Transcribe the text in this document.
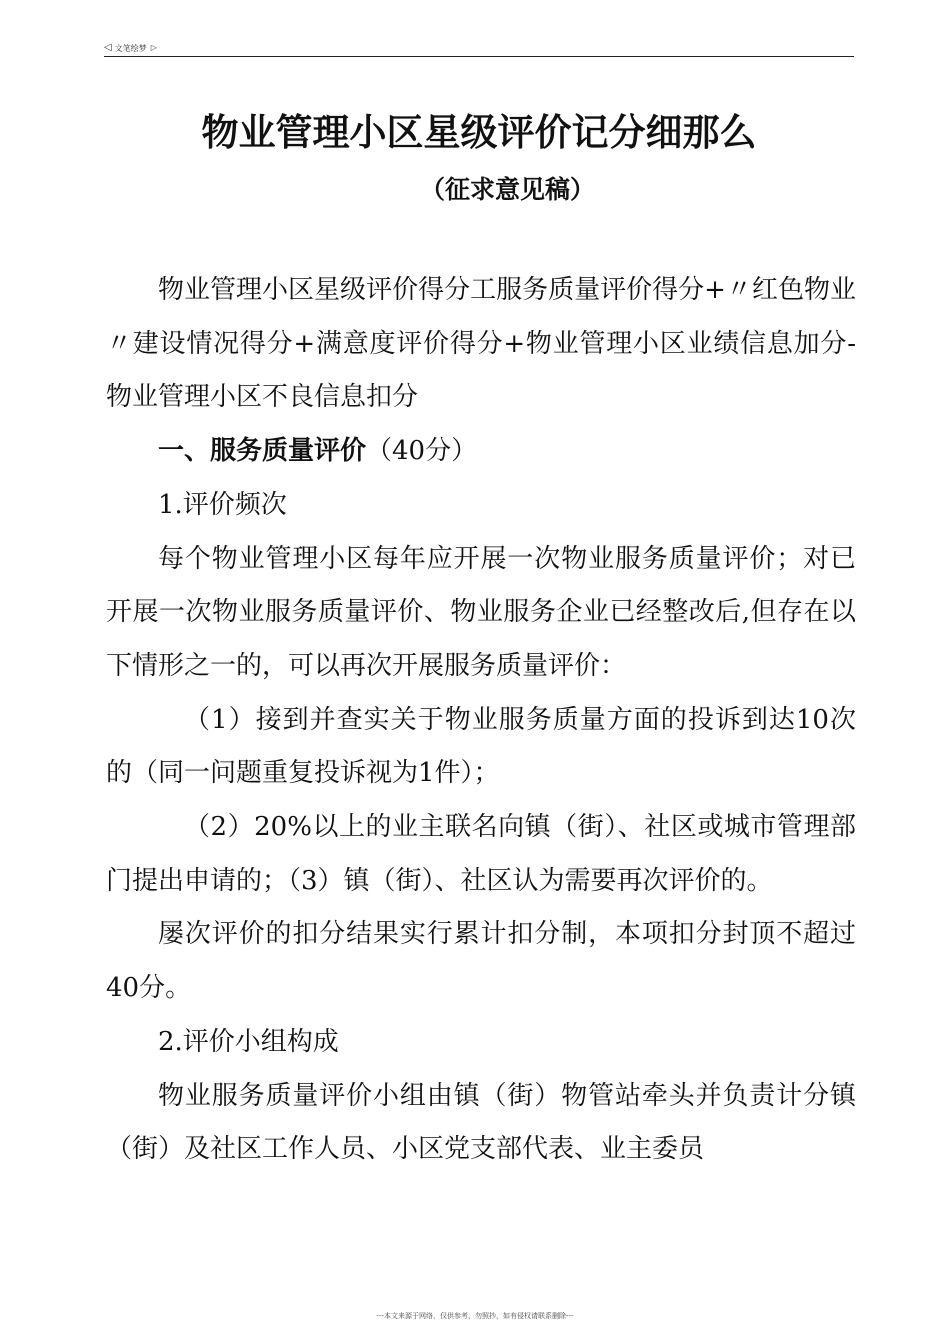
◁ 文笔绘梦 ▷
物业管理小区星级评价记分细那么
（征求意见稿）

物业管理小区星级评价得分工服务质量评价得分+〃红色物业〃建设情况得分+满意度评价得分+物业管理小区业绩信息加分-物业管理小区不良信息扣分

一、服务质量评价（40分）

1.评价频次

每个物业管理小区每年应开展一次物业服务质量评价；对已开展一次物业服务质量评价、物业服务企业已经整改后,但存在以下情形之一的，可以再次开展服务质量评价：

（1）接到并查实关于物业服务质量方面的投诉到达10次的（同一问题重复投诉视为1件）；

（2）20%以上的业主联名向镇（街）、社区或城市管理部门提出申请的；（3）镇（街）、社区认为需要再次评价的。

屡次评价的扣分结果实行累计扣分制，本项扣分封顶不超过40分。

2.评价小组构成

物业服务质量评价小组由镇（街）物管站牵头并负责计分镇（街）及社区工作人员、小区党支部代表、业主委员

---本文来源于网络，仅供参考，勿照抄，如有侵权请联系删除---
